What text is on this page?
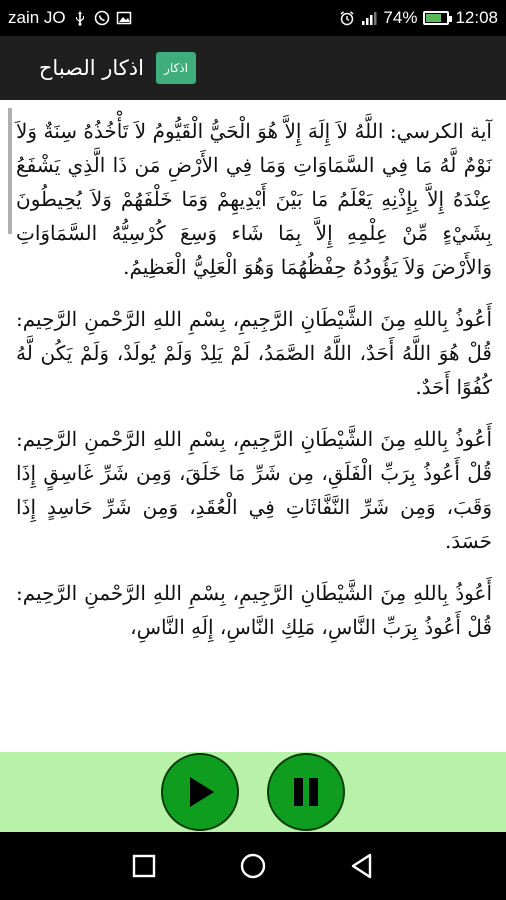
zain JO	74% 12:08
اذكار الصباح اذكار

آية الكرسي: اللَّهُ لاَ إِلَهَ إِلاَّ هُوَ الْحَيُّ الْقَيُّومُ لاَ تَأْخُذُهُ سِنَةٌ وَلاَ نَوْمٌ لَّهُ مَا فِي السَّمَاوَاتِ وَمَا فِي الأَرْضِ مَن ذَا الَّذِي يَشْفَعُ عِنْدَهُ إِلاَّ بِإِذْنِهِ يَعْلَمُ مَا بَيْنَ أَيْدِيهِمْ وَمَا خَلْفَهُمْ وَلاَ يُحِيطُونَ بِشَيْءٍ مِّنْ عِلْمِهِ إِلاَّ بِمَا شَاء وَسِعَ كُرْسِيُّهُ السَّمَاوَاتِ وَالأَرْضَ وَلاَ يَؤُودُهُ حِفْظُهُمَا وَهُوَ الْعَلِيُّ الْعَظِيمُ.

أَعُوذُ بِاللهِ مِنَ الشَّيْطَانِ الرَّجِيمِ، بِسْمِ اللهِ الرَّحْمنِ الرَّحِيم: قُلْ هُوَ اللَّهُ أَحَدٌ، اللَّهُ الصَّمَدُ، لَمْ يَلِدْ وَلَمْ يُولَدْ، وَلَمْ يَكُن لَّهُ كُفُوًا أَحَدٌ.

أَعُوذُ بِاللهِ مِنَ الشَّيْطَانِ الرَّجِيمِ، بِسْمِ اللهِ الرَّحْمنِ الرَّحِيم: قُلْ أَعُوذُ بِرَبِّ الْفَلَقِ، مِن شَرِّ مَا خَلَقَ، وَمِن شَرِّ غَاسِقٍ إِذَا وَقَبَ، وَمِن شَرِّ النَّفَّاثَاتِ فِي الْعُقَدِ، وَمِن شَرِّ حَاسِدٍ إِذَا حَسَدَ.

أَعُوذُ بِاللهِ مِنَ الشَّيْطَانِ الرَّجِيمِ، بِسْمِ اللهِ الرَّحْمنِ الرَّحِيم: قُلْ أَعُوذُ بِرَبِّ النَّاسِ، مَلِكِ النَّاسِ، إِلَهِ النَّاسِ،
